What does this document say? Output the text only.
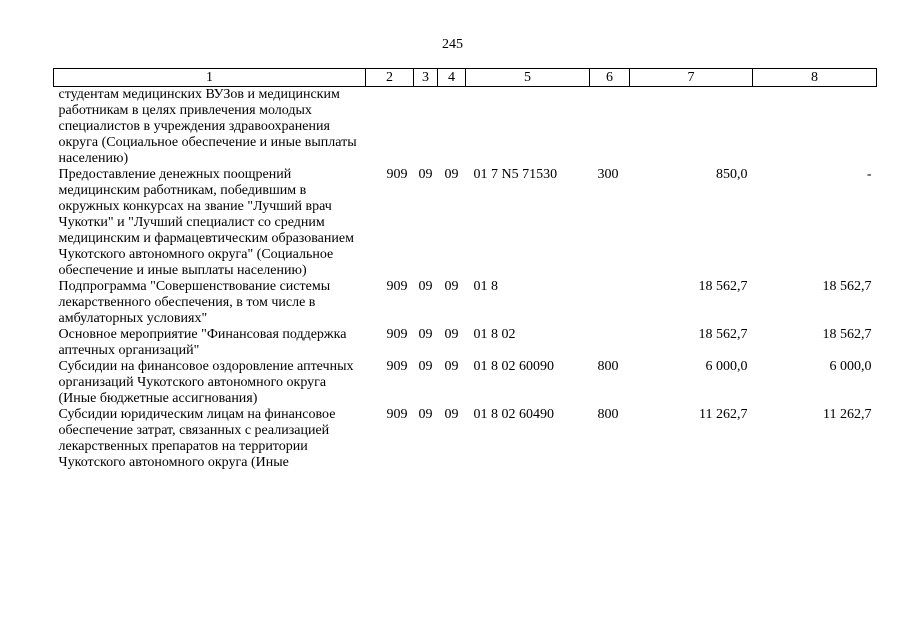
245
1	2	3	4	5	6	7	8
студентам медицинских ВУЗов и медицинским работникам в целях привлечения молодых специалистов в учреждения здравоохранения округа (Социальное обеспечение и иные выплаты населению)							
Предоставление денежных поощрений медицинским работникам, победившим в окружных конкурсах на звание "Лучший врач Чукотки" и "Лучший специалист со средним медицинским и фармацевтическим образованием Чукотского автономного округа" (Социальное обеспечение и иные выплаты населению)	909	09	09	01 7 N5 71530	300	850,0	-
Подпрограмма "Совершенствование системы лекарственного обеспечения, в том числе в амбулаторных условиях"	909	09	09	01 8		18 562,7	18 562,7
Основное мероприятие "Финансовая поддержка аптечных организаций"	909	09	09	01 8 02		18 562,7	18 562,7
Субсидии на финансовое оздоровление аптечных организаций Чукотского автономного округа (Иные бюджетные ассигнования)	909	09	09	01 8 02 60090	800	6 000,0	6 000,0
Субсидии юридическим лицам на финансовое обеспечение затрат, связанных с реализацией лекарственных препаратов на территории Чукотского автономного округа (Иные	909	09	09	01 8 02 60490	800	11 262,7	11 262,7
